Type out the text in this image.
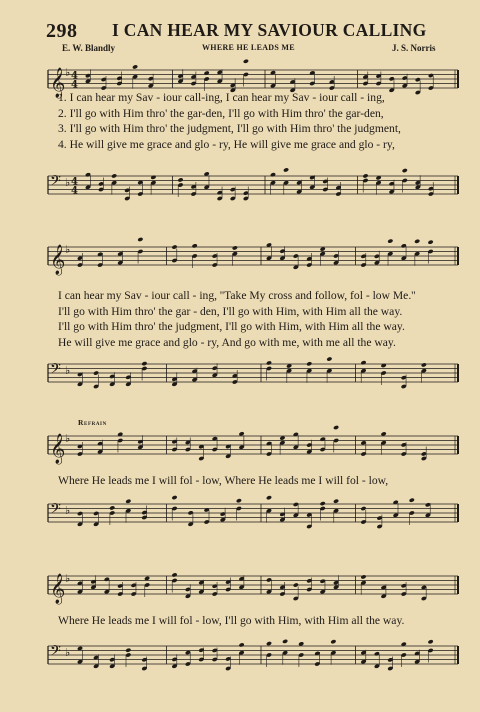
298 I CAN HEAR MY SAVIOUR CALLING
E. W. Blandly	WHERE HE LEADS ME	J. S. Norris
𝄞 ♭ 4
4
1. I can hear my Sav - iour call-ing, I can hear my Sav - iour call - ing,
2. I'll go with Him thro' the gar-den, I'll go with Him thro' the gar-den,
3. I'll go with Him thro' the judgment, I'll go with Him thro' the judgment,
4. He will give me grace and glo - ry, He will give me grace and glo - ry,
𝄢 ♭ 4
4
𝄞 ♭
I can hear my Sav - iour call - ing, ''Take My cross and follow, fol - low Me.''
I'll go with Him thro' the gar - den, I'll go with Him, with Him all the way.
I'll go with Him thro' the judgment, I'll go with Him, with Him all the way.
He will give me grace and glo - ry, And go with me, with me all the way.
𝄢 ♭
Refrain
𝄞 ♭
Where He leads me I will fol - low, Where He leads me I will fol - low,
𝄢 ♭
𝄞 ♭
Where He leads me I will fol - low, I'll go with Him, with Him all the way.
𝄢 ♭
